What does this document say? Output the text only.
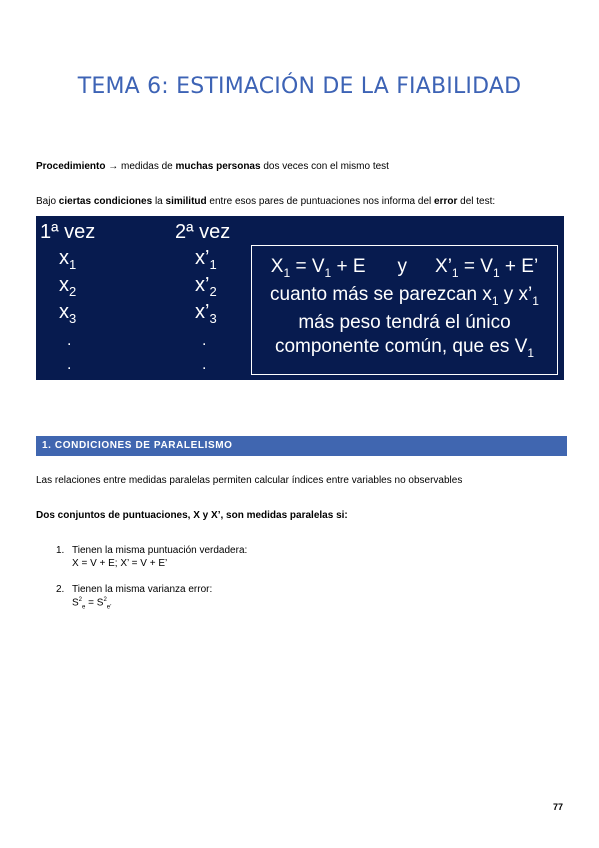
TEMA 6: ESTIMACIÓN DE LA FIABILIDAD
Procedimiento → medidas de muchas personas dos veces con el mismo test
Bajo ciertas condiciones la similitud entre esos pares de puntuaciones nos informa del error del test:
1ª vez	2ª vez
$x_1$
$x_2$
$x_3$
.
.
$x’_1$
$x’_2$
$x’_3$
.
.
$X_1 = V_1 + E$ y $X’_1 = V_1 + E$’
cuanto más se parezcan $x_1$ y $x’_1$
más peso tendrá el único
componente común, que es $V_1$
1. CONDICIONES DE PARALELISMO
Las relaciones entre medidas paralelas permiten calcular índices entre variables no observables
Dos conjuntos de puntuaciones, X y X’, son medidas paralelas si:
1. Tienen la misma puntuación verdadera:
X = V + E; X’ = V + E’
2. Tienen la misma varianza error:
$S^2_e = S^2_{e’}$
77
